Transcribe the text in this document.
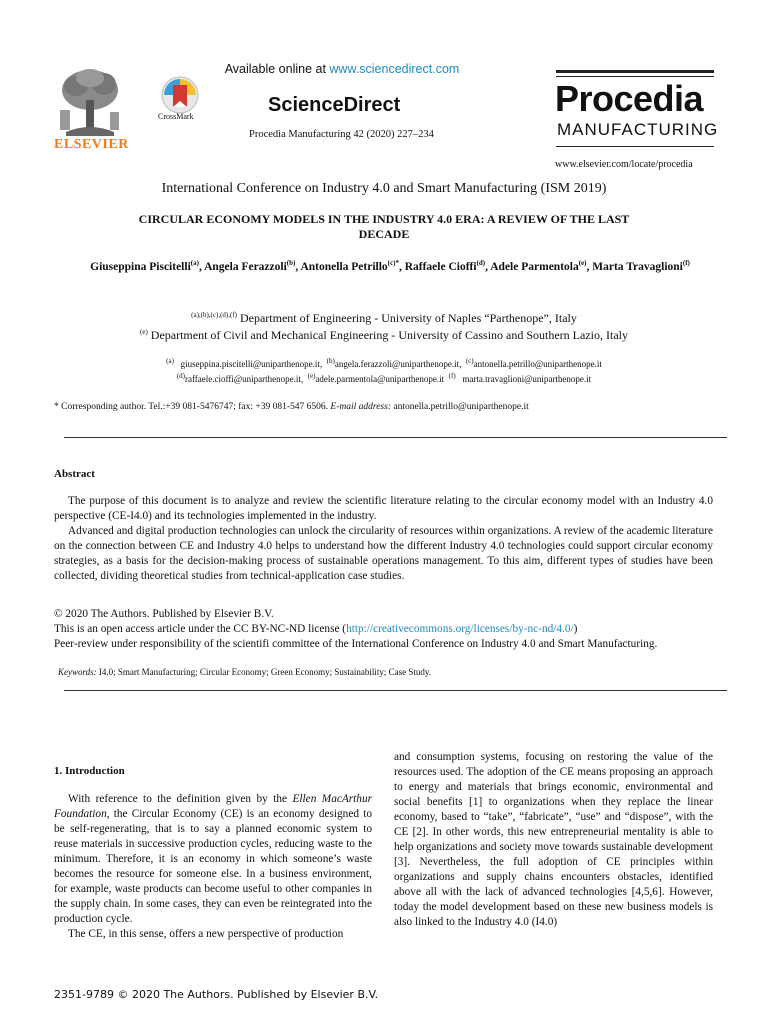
ELSEVIER
Available online at www.sciencedirect.com
CrossMark
ScienceDirect
Procedia Manufacturing 42 (2020) 227–234
Procedia
MANUFACTURING
www.elsevier.com/locate/procedia
International Conference on Industry 4.0 and Smart Manufacturing (ISM 2019)
CIRCULAR ECONOMY MODELS IN THE INDUSTRY 4.0 ERA: A REVIEW OF THE LAST
DECADE
Giuseppina Piscitelli$^{(a)}$, Angela Ferazzoli$^{(b)}$, Antonella Petrillo$^{(c)*}$, Raffaele Cioffi$^{(d)}$, Adele Parmentola$^{(e)}$, Marta Travaglioni$^{(f)}$
$^{(a),(b),(c),(d),(f)}$ Department of Engineering - University of Naples “Parthenope”, Italy
$^{(e)}$ Department of Civil and Mechanical Engineering - University of Cassino and Southern Lazio, Italy
$^{(a)}$ giuseppina.piscitelli@uniparthenope.it, $^{(b)}$angela.ferazzoli@uniparthenope.it, $^{(c)}$antonella.petrillo@uniparthenope.it
$^{(d)}$raffaele.cioffi@uniparthenope.it, $^{(e)}$adele.parmentola@uniparthenope.it $^{(f)}$ marta.travaglioni@uniparthenope.it
* Corresponding author. Tel.:+39 081-5476747; fax: +39 081-547 6506. E-mail address: antonella.petrillo@uniparthenope.it
Abstract

The purpose of this document is to analyze and review the scientific literature relating to the circular economy model with an Industry 4.0 perspective (CE-I4.0) and its technologies implemented in the industry.

Advanced and digital production technologies can unlock the circularity of resources within organizations. A review of the academic literature on the connection between CE and Industry 4.0 helps to understand how the different Industry 4.0 technologies could support circular economy strategies, as a basis for the decision-making process of sustainable operations management. To this aim, different types of studies have been collected, dividing theoretical studies from technical-application case studies.

© 2020 The Authors. Published by Elsevier B.V.
This is an open access article under the CC BY-NC-ND license (http://creativecommons.org/licenses/by-nc-nd/4.0/)
Peer-review under responsibility of the scientifi committee of the International Conference on Industry 4.0 and Smart Manufacturing.
Keywords: I4.0; Smart Manufacturing; Circular Economy; Green Economy; Sustainability; Case Study.
1. Introduction

With reference to the definition given by the Ellen MacArthur Foundation, the Circular Economy (CE) is an economy designed to be self-regenerating, that is to say a planned economic system to reuse materials in successive production cycles, reducing waste to the minimum. Therefore, it is an economy in which someone’s waste becomes the resource for someone else. In a business environment, for example, waste products can become useful to other companies in the supply chain. In some cases, they can even be reintegrated into the production cycle.

The CE, in this sense, offers a new perspective of production

and consumption systems, focusing on restoring the value of the resources used. The adoption of the CE means proposing an approach to energy and materials that brings economic, environmental and social benefits [1] to organizations when they replace the linear economy, based to “take”, “fabricate”, “use” and “dispose”, with the CE [2]. In other words, this new entrepreneurial mentality is able to help organizations and society move towards sustainable development [3]. Nevertheless, the full adoption of CE principles within organizations and supply chains encounters obstacles, identified above all with the lack of advanced technologies [4,5,6]. However, today the model development based on these new business models is also linked to the Industry 4.0 (I4.0)

2351-9789 © 2020 The Authors. Published by Elsevier B.V.
